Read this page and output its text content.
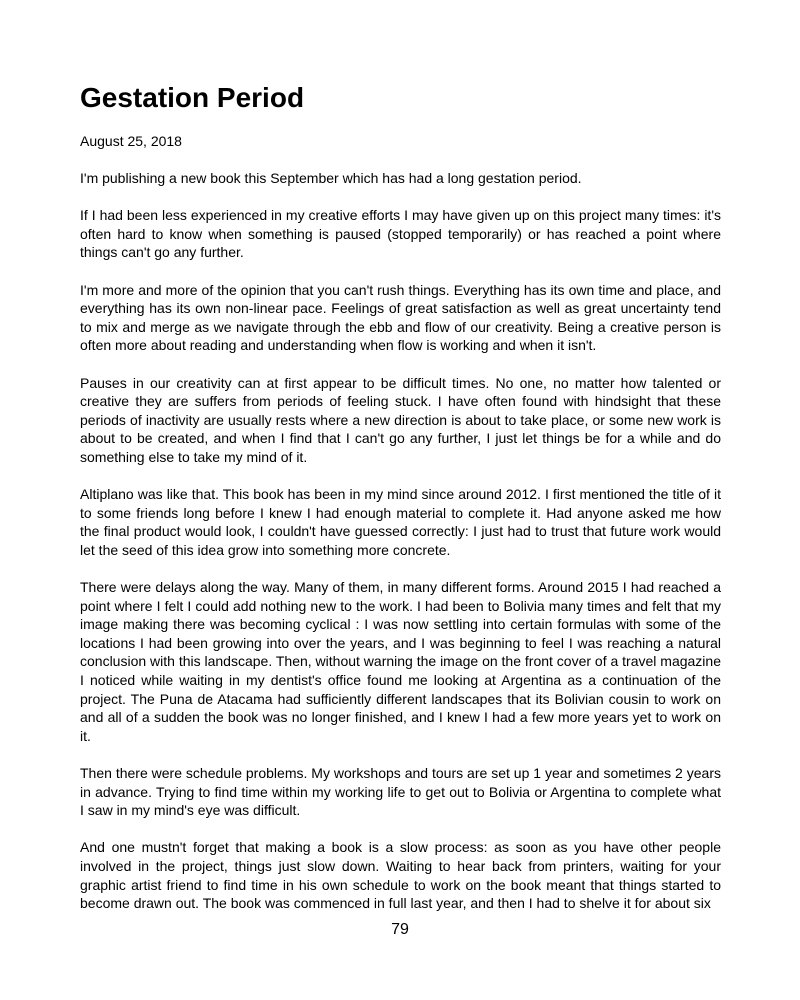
Gestation Period
August 25, 2018

I'm publishing a new book this September which has had a long gestation period.

If I had been less experienced in my creative efforts I may have given up on this project many times: it's often hard to know when something is paused (stopped temporarily) or has reached a point where things can't go any further.

I'm more and more of the opinion that you can't rush things. Everything has its own time and place, and everything has its own non-linear pace. Feelings of great satisfaction as well as great uncertainty tend to mix and merge as we navigate through the ebb and flow of our creativity. Being a creative person is often more about reading and understanding when flow is working and when it isn't.

Pauses in our creativity can at first appear to be difficult times. No one, no matter how talented or creative they are suffers from periods of feeling stuck. I have often found with hindsight that these periods of inactivity are usually rests where a new direction is about to take place, or some new work is about to be created, and when I find that I can't go any further, I just let things be for a while and do something else to take my mind of it.

Altiplano was like that. This book has been in my mind since around 2012. I first mentioned the title of it to some friends long before I knew I had enough material to complete it. Had anyone asked me how the final product would look, I couldn't have guessed correctly: I just had to trust that future work would let the seed of this idea grow into something more concrete.

There were delays along the way. Many of them, in many different forms. Around 2015 I had reached a point where I felt I could add nothing new to the work. I had been to Bolivia many times and felt that my image making there was becoming cyclical : I was now settling into certain formulas with some of the locations I had been growing into over the years, and I was beginning to feel I was reaching a natural conclusion with this landscape. Then, without warning the image on the front cover of a travel magazine I noticed while waiting in my dentist's office found me looking at Argentina as a continuation of the project. The Puna de Atacama had sufficiently different landscapes that its Bolivian cousin to work on and all of a sudden the book was no longer finished, and I knew I had a few more years yet to work on it.

Then there were schedule problems. My workshops and tours are set up 1 year and sometimes 2 years in advance. Trying to find time within my working life to get out to Bolivia or Argentina to complete what I saw in my mind's eye was difficult.

And one mustn't forget that making a book is a slow process: as soon as you have other people involved in the project, things just slow down. Waiting to hear back from printers, waiting for your graphic artist friend to find time in his own schedule to work on the book meant that things started to become drawn out. The book was commenced in full last year, and then I had to shelve it for about six

79
